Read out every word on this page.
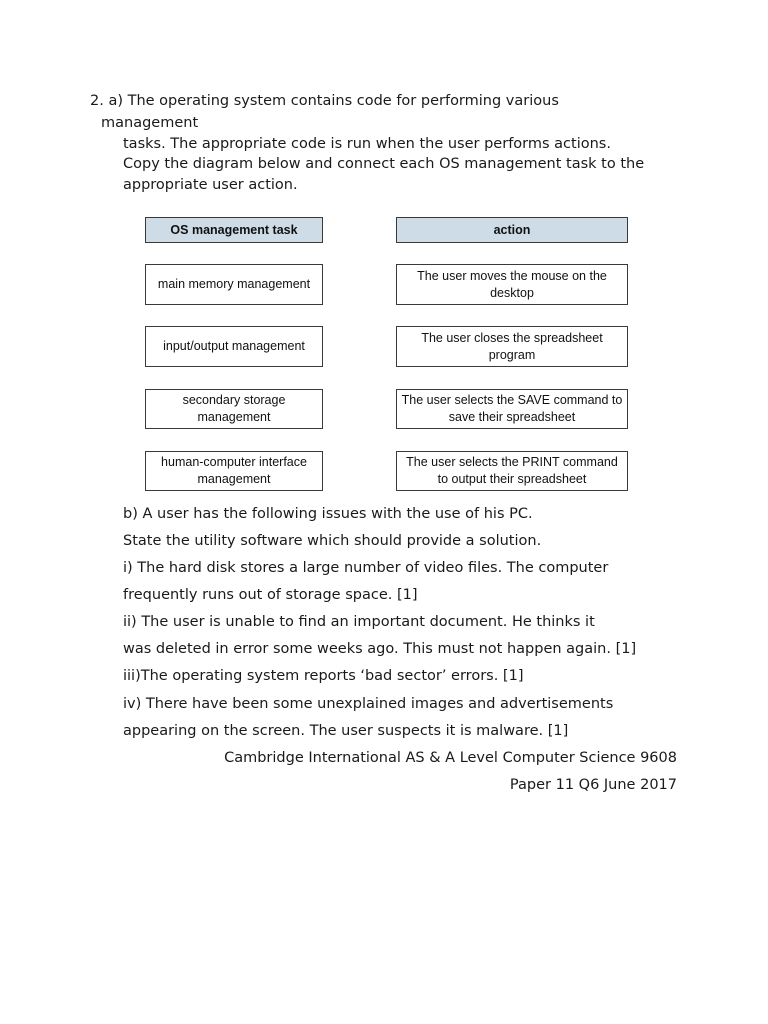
2. a) The operating system contains code for performing various
management
tasks. The appropriate code is run when the user performs actions.
Copy the diagram below and connect each OS management task to the
appropriate user action.
OS management task	action
main memory management
input/output management
secondary storage
management
human-computer interface
management
The user moves the mouse on the
desktop
The user closes the spreadsheet
program
The user selects the SAVE command to
save their spreadsheet
The user selects the PRINT command
to output their spreadsheet
b) A user has the following issues with the use of his PC.
State the utility software which should provide a solution.
i) The hard disk stores a large number of video files. The computer
frequently runs out of storage space. [1]
ii) The user is unable to find an important document. He thinks it
was deleted in error some weeks ago. This must not happen again. [1]
iii)The operating system reports ‘bad sector’ errors. [1]
iv) There have been some unexplained images and advertisements
appearing on the screen. The user suspects it is malware. [1]
Cambridge International AS & A Level Computer Science 9608
Paper 11 Q6 June 2017
